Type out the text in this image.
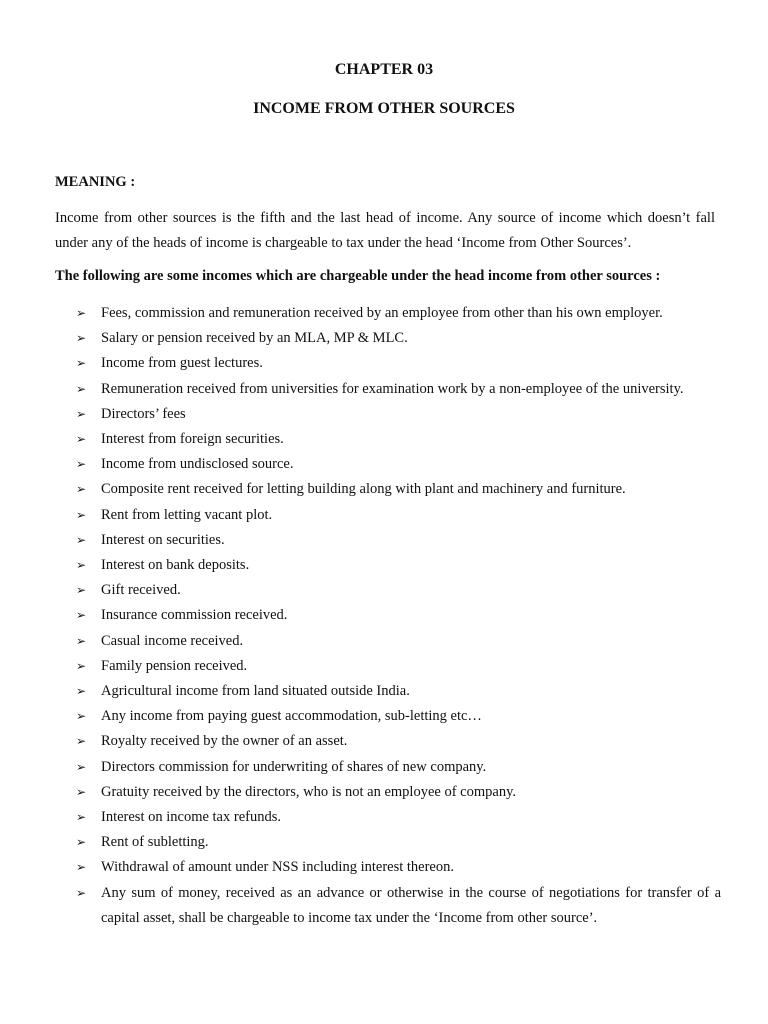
CHAPTER 03
INCOME FROM OTHER SOURCES
MEANING :

Income from other sources is the fifth and the last head of income. Any source of income which doesn’t fall under any of the heads of income is chargeable to tax under the head ‘Income from Other Sources’.

The following are some incomes which are chargeable under the head income from other sources :
➢ Fees, commission and remuneration received by an employee from other than his own employer.
➢ Salary or pension received by an MLA, MP & MLC.
➢ Income from guest lectures.
➢ Remuneration received from universities for examination work by a non-employee of the university.
➢ Directors’ fees
➢ Interest from foreign securities.
➢ Income from undisclosed source.
➢ Composite rent received for letting building along with plant and machinery and furniture.
➢ Rent from letting vacant plot.
➢ Interest on securities.
➢ Interest on bank deposits.
➢ Gift received.
➢ Insurance commission received.
➢ Casual income received.
➢ Family pension received.
➢ Agricultural income from land situated outside India.
➢ Any income from paying guest accommodation, sub-letting etc…
➢ Royalty received by the owner of an asset.
➢ Directors commission for underwriting of shares of new company.
➢ Gratuity received by the directors, who is not an employee of company.
➢ Interest on income tax refunds.
➢ Rent of subletting.
➢ Withdrawal of amount under NSS including interest thereon.
➢ Any sum of money, received as an advance or otherwise in the course of negotiations for transfer of a capital asset, shall be chargeable to income tax under the ‘Income from other source’.
